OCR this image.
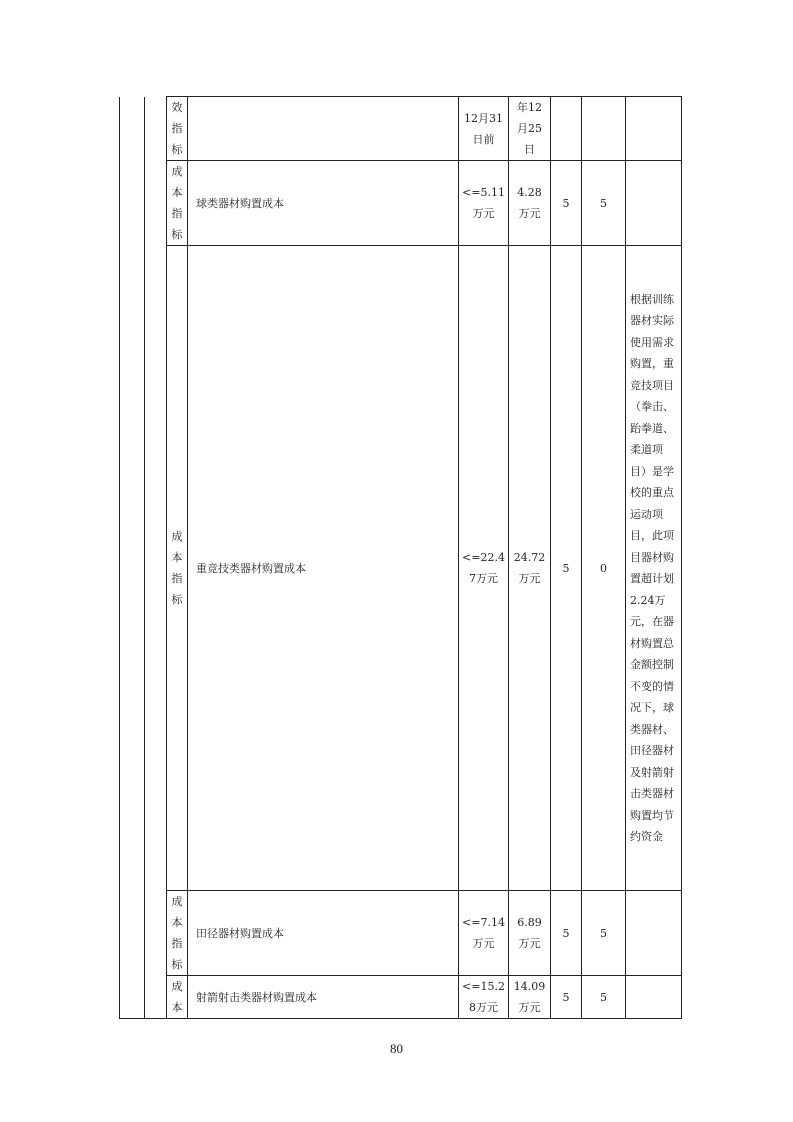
		效
指
标		12月31
日前	年12
月25
日			

		成
本
指
标	球类器材购置成本	<=5.11
万元	4.28
万元	5	5	

		成
本
指
标	重竞技类器材购置成本	<=22.4
7万元	24.72
万元	5	0	根据训练器材实际使用需求购置，重竞技项目（拳击、跆拳道、柔道项目）是学校的重点运动项目，此项目器材购置超计划2.24万元，在器材购置总金额控制不变的情况下，球类器材、田径器材及射箭射击类器材购置均节约资金

		成
本
指
标	田径器材购置成本	<=7.14
万元	6.89
万元	5	5	

		成
本	射箭射击类器材购置成本	<=15.2
8万元	14.09
万元	5	5	

80
